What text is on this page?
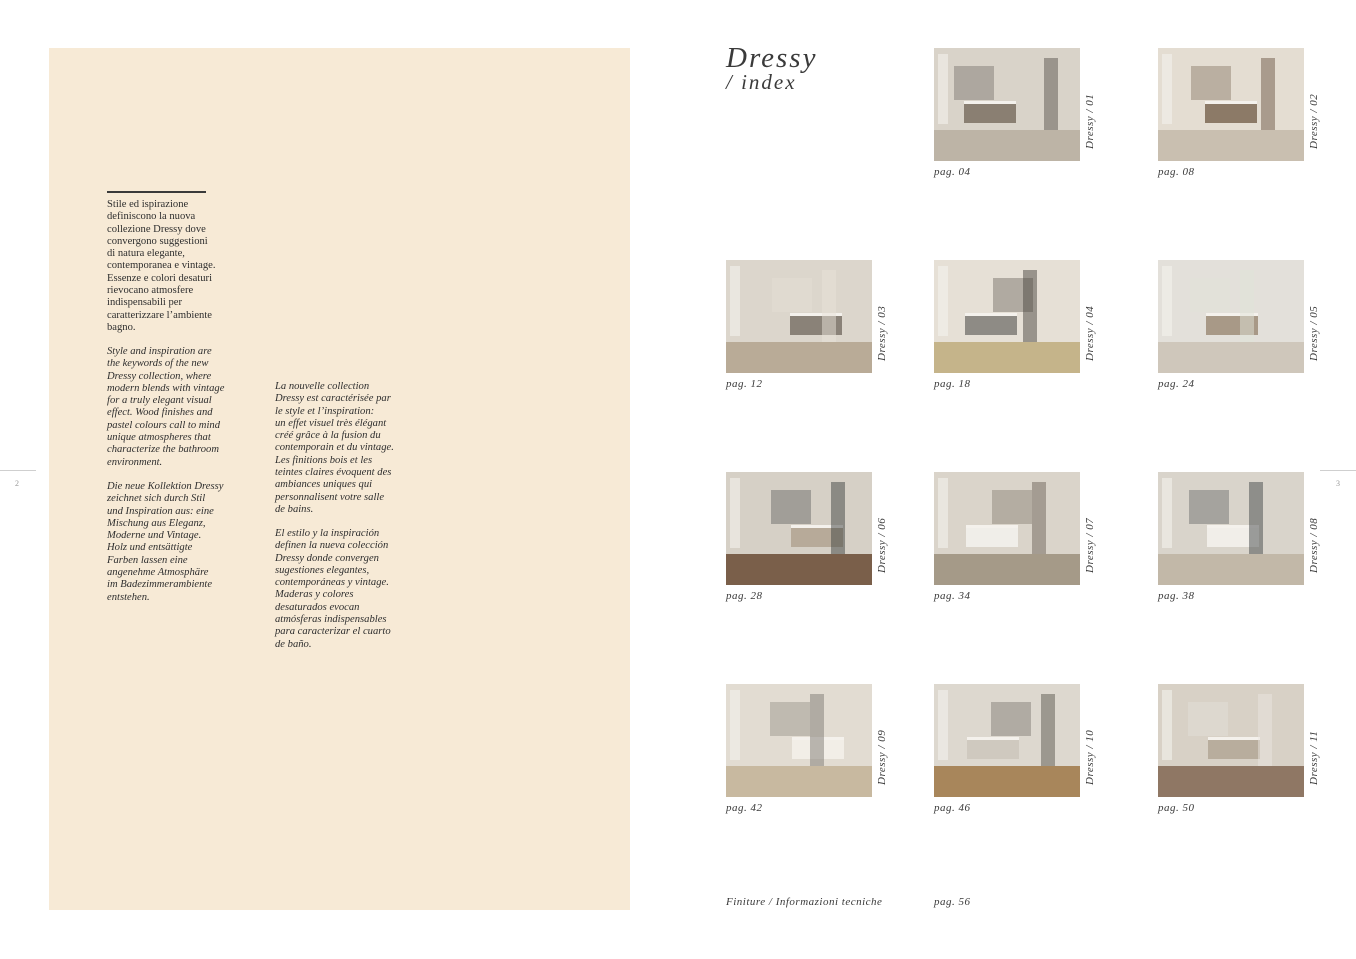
Stile ed ispirazione
definiscono la nuova
collezione Dressy dove
convergono suggestioni
di natura elegante,
contemporanea e vintage.
Essenze e colori desaturi
rievocano atmosfere
indispensabili per
caratterizzare l’ambiente
bagno.

Style and inspiration are
the keywords of the new
Dressy collection, where
modern blends with vintage
for a truly elegant visual
effect. Wood finishes and
pastel colours call to mind
unique atmospheres that
characterize the bathroom
environment.

Die neue Kollektion Dressy
zeichnet sich durch Stil
und Inspiration aus: eine
Mischung aus Eleganz,
Moderne und Vintage.
Holz und entsättigte
Farben lassen eine
angenehme Atmosphäre
im Badezimmerambiente
entstehen.

La nouvelle collection
Dressy est caractérisée par
le style et l’inspiration:
un effet visuel très élégant
créé grâce à la fusion du
contemporain et du vintage.
Les finitions bois et les
teintes claires évoquent des
ambiances uniques qui
personnalisent votre salle
de bains.

El estilo y la inspiración
definen la nueva colección
Dressy donde convergen
sugestiones elegantes,
contemporáneas y vintage.
Maderas y colores
desaturados evocan
atmósferas indispensables
para caracterizar el cuarto
de baño.

2	3
Dressy
/ index
Dressy / 01
pag. 04
Dressy / 02
pag. 08
Dressy / 03
pag. 12
Dressy / 04
pag. 18
Dressy / 05
pag. 24
Dressy / 06
pag. 28
Dressy / 07
pag. 34
Dressy / 08
pag. 38
Dressy / 09
pag. 42
Dressy / 10
pag. 46
Dressy / 11
pag. 50
Finiture / Informazioni tecniche	pag. 56
